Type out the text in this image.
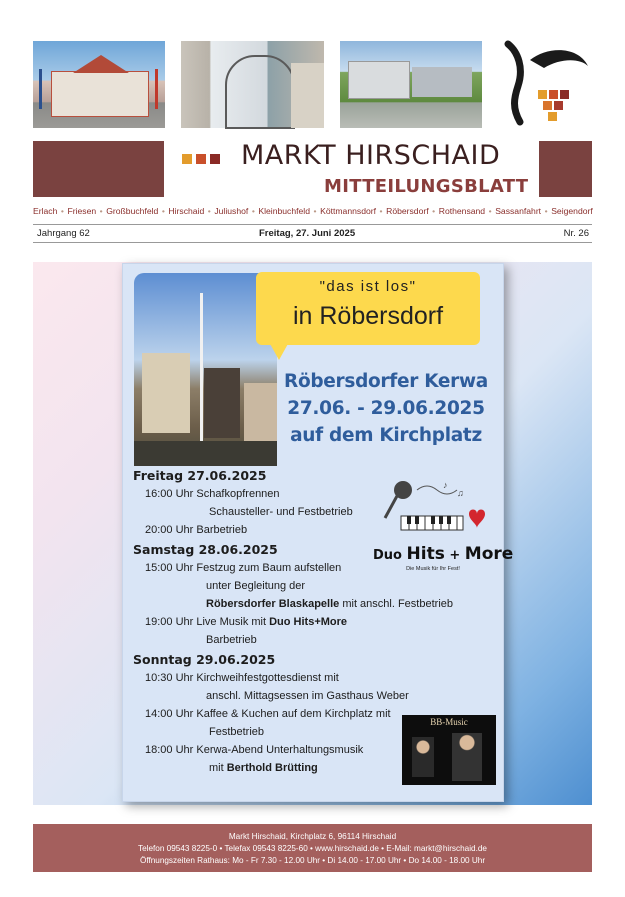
MARKT HIRSCHAID
MITTEILUNGSBLATT
Erlach • Friesen • Großbuchfeld • Hirschaid • Juliushof • Kleinbuchfeld • Köttmannsdorf • Röbersdorf • Rothensand • Sassanfahrt • Seigendorf
Jahrgang 62	Freitag, 27. Juni 2025	Nr. 26
"das ist los"
in Röbersdorf
Röbersdorfer Kerwa
27.06. - 29.06.2025
auf dem Kirchplatz
Freitag 27.06.2025
16:00 Uhr Schafkopfrennen
Schausteller- und Festbetrieb
20:00 Uhr Barbetrieb
Samstag 28.06.2025
15:00 Uhr Festzug zum Baum aufstellen
unter Begleitung der
Röbersdorfer Blaskapelle mit anschl. Festbetrieb
19:00 Uhr Live Musik mit Duo Hits+More
Barbetrieb
Sonntag 29.06.2025
10:30 Uhr Kirchweihfestgottesdienst mit
anschl. Mittagsessen im Gasthaus Weber
14:00 Uhr Kaffee & Kuchen auf dem Kirchplatz mit
Festbetrieb
18:00 Uhr Kerwa-Abend Unterhaltungsmusik
mit Berthold Brütting
♪
♫
Duo Hits + More
Die Musik für Ihr Fest!
BB-Music
Markt Hirschaid, Kirchplatz 6, 96114 Hirschaid
Telefon 09543 8225-0 • Telefax 09543 8225-60 • www.hirschaid.de • E-Mail: markt@hirschaid.de
Öffnungszeiten Rathaus: Mo - Fr 7.30 - 12.00 Uhr • Di 14.00 - 17.00 Uhr • Do 14.00 - 18.00 Uhr
